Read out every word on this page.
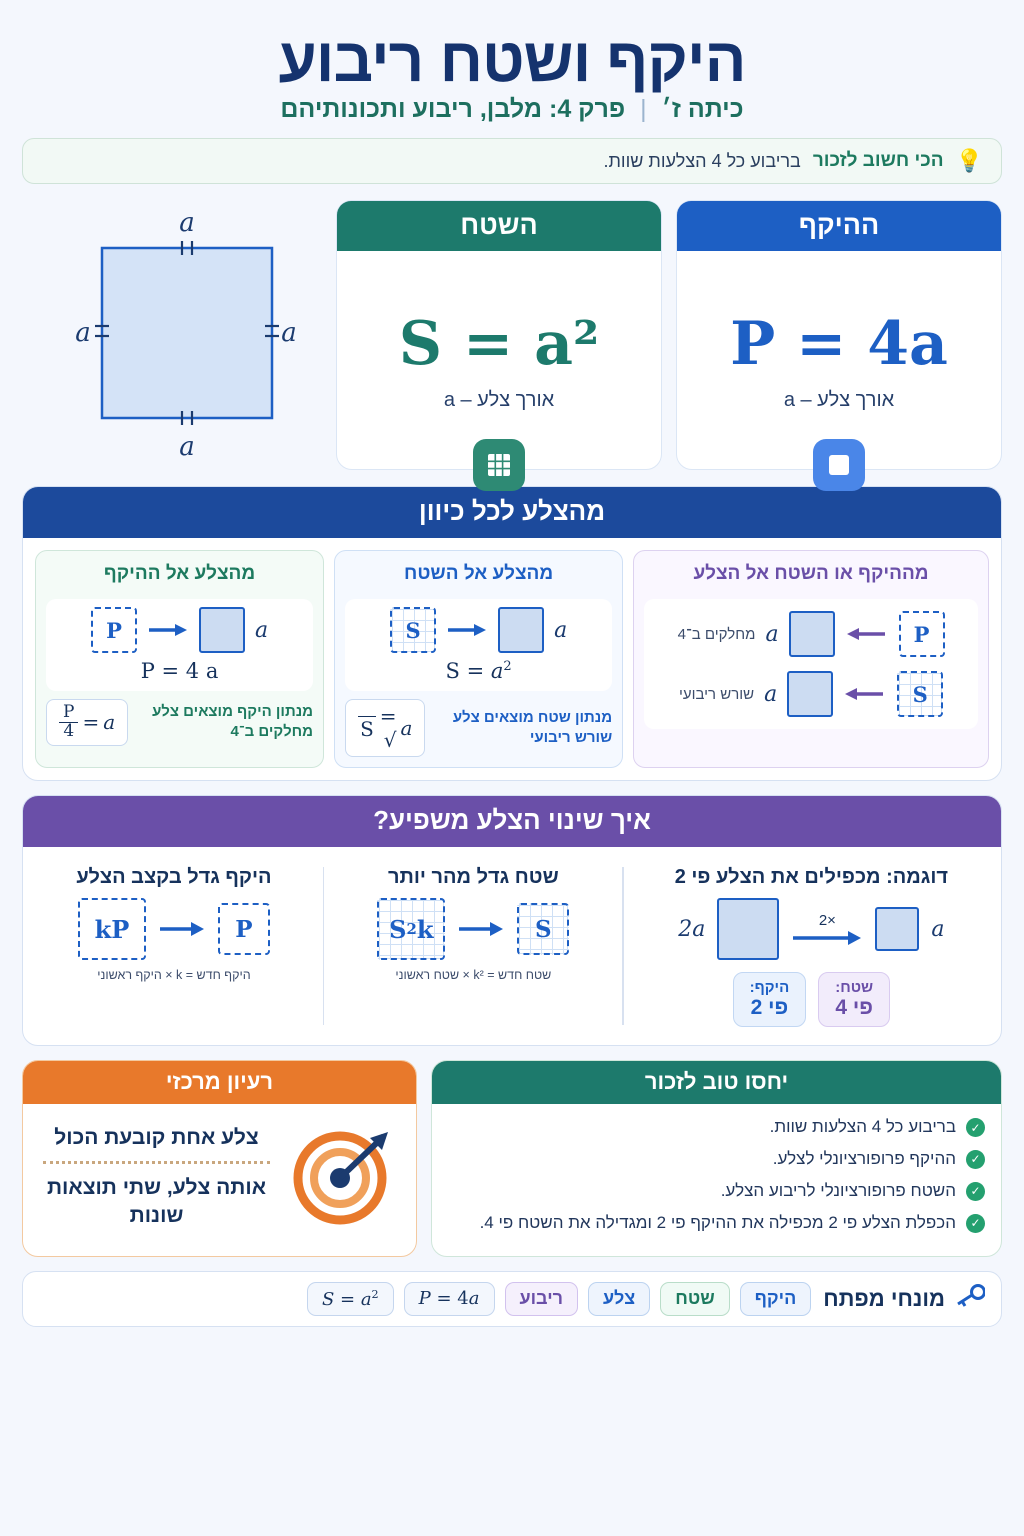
היקף ושטח ריבוע
כיתה ז׳ | פרק 4: מלבן, ריבוע ותכונותיהם
💡
הכי חשוב לזכור
בריבוע כל 4 הצלעות שוות.
ההיקף
P = 4a
אורך צלע – a
השטח
S = a²
אורך צלע – a
a
a
a
a
מהצלע לכל כיוון
מההיקף או השטח אל הצלע
P
a
מחלקים ב־4
S
a
שורש ריבועי
מהצלע אל השטח
a
S
$S = a^2$
מנתון שטח מוצאים צלע שורש ריבועי
a
= √
S
מהצלע אל ההיקף
a
P
P = 4 a
מנתון היקף מוצאים צלע מחלקים ב־4
a
=
$\frac{P}{4}$
איך שינוי הצלע משפיע?
דוגמה: מכפילים את הצלע פי 2
a
×2
2a
שטח:
פי 4
היקף:
פי 2
שטח גדל מהר יותר
S
k
2
S
שטח חדש = k² × שטח ראשוני
היקף גדל בקצב הצלע
P
kP
היקף חדש = k × היקף ראשוני
יחסו טוב לזכור
✓
בריבוע כל 4 הצלעות שוות.
✓
ההיקף פרופורציונלי לצלע.
✓
השטח פרופורציונלי לריבוע הצלע.
✓
הכפלת הצלע פי 2 מכפילה את ההיקף פי 2 ומגדילה את השטח פי 4.
רעיון מרכזי
צלע אחת קובעת הכול
אותה צלע, שתי תוצאות שונות
מונחי מפתח
היקף
שטח
צלע
ריבוע
P = 4a
$S = a^2$
